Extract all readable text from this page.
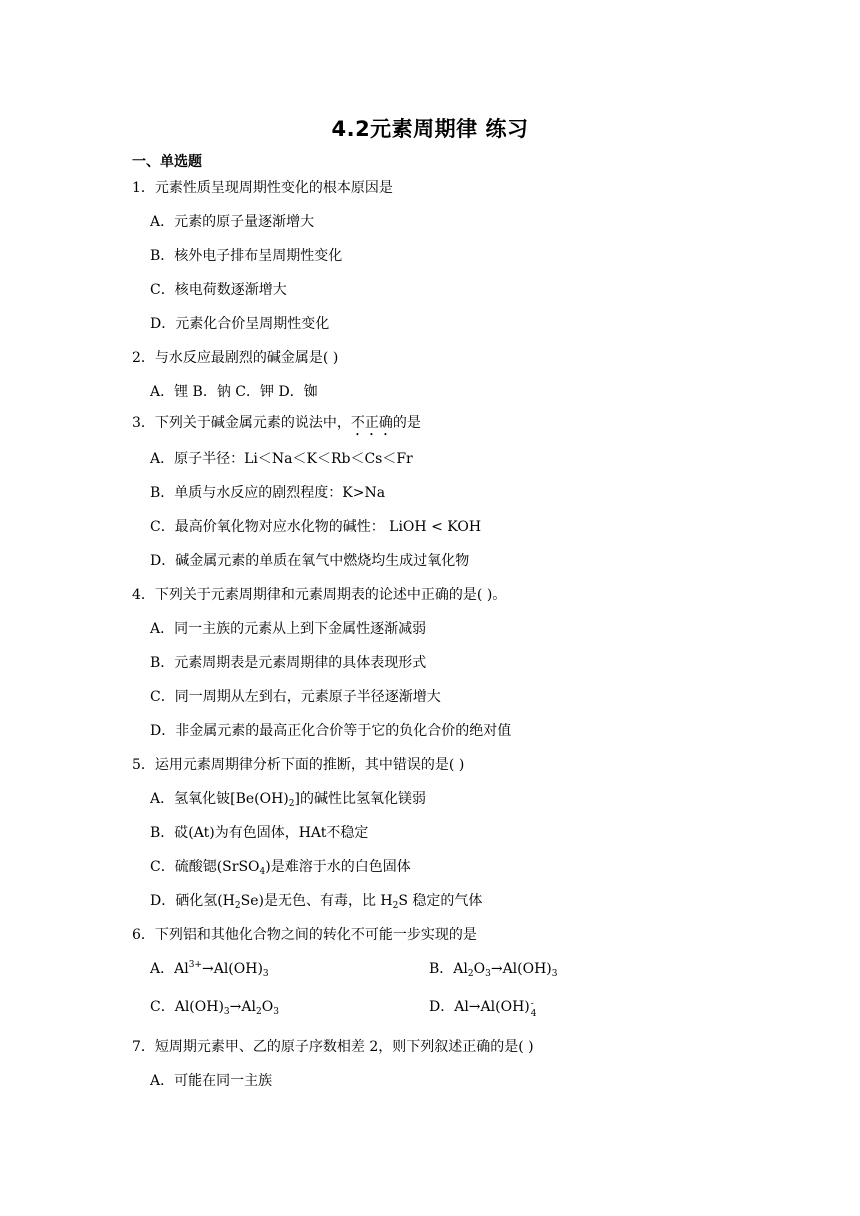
4.2元素周期律 练习
一、单选题
1．元素性质呈现周期性变化的根本原因是
A．元素的原子量逐渐增大
B．核外电子排布呈周期性变化
C．核电荷数逐渐增大
D．元素化合价呈周期性变化
2．与水反应最剧烈的碱金属是( )
A．锂 B．钠 C．钾 D．铷
3．下列关于碱金属元素的说法中，不正确的是
A．原子半径：Li＜Na＜K＜Rb＜Cs＜Fr
B．单质与水反应的剧烈程度：K>Na
C．最高价氧化物对应水化物的碱性： LiOH < KOH
D．碱金属元素的单质在氧气中燃烧均生成过氧化物
4．下列关于元素周期律和元素周期表的论述中正确的是( )。
A．同一主族的元素从上到下金属性逐渐减弱
B．元素周期表是元素周期律的具体表现形式
C．同一周期从左到右，元素原子半径逐渐增大
D．非金属元素的最高正化合价等于它的负化合价的绝对值
5．运用元素周期律分析下面的推断，其中错误的是( )
A．氢氧化铍$[Be(OH)_2]$的碱性比氢氧化镁弱
B．砹(At)为有色固体，HAt不稳定
C．硫酸锶(SrSO$_4$)是难溶于水的白色固体
D．硒化氢$(H_2Se)$是无色、有毒，比 $H_2S$ 稳定的气体
6．下列铝和其他化合物之间的转化不可能一步实现的是
A．$Al^{3+}\to Al(OH)_3$	B．$Al_2O_3\to Al(OH)_3$
C．$Al(OH)_3\to Al_2O_3$	D．Al→Al(OH) -
4
7．短周期元素甲、乙的原子序数相差 2，则下列叙述正确的是( )
A．可能在同一主族
